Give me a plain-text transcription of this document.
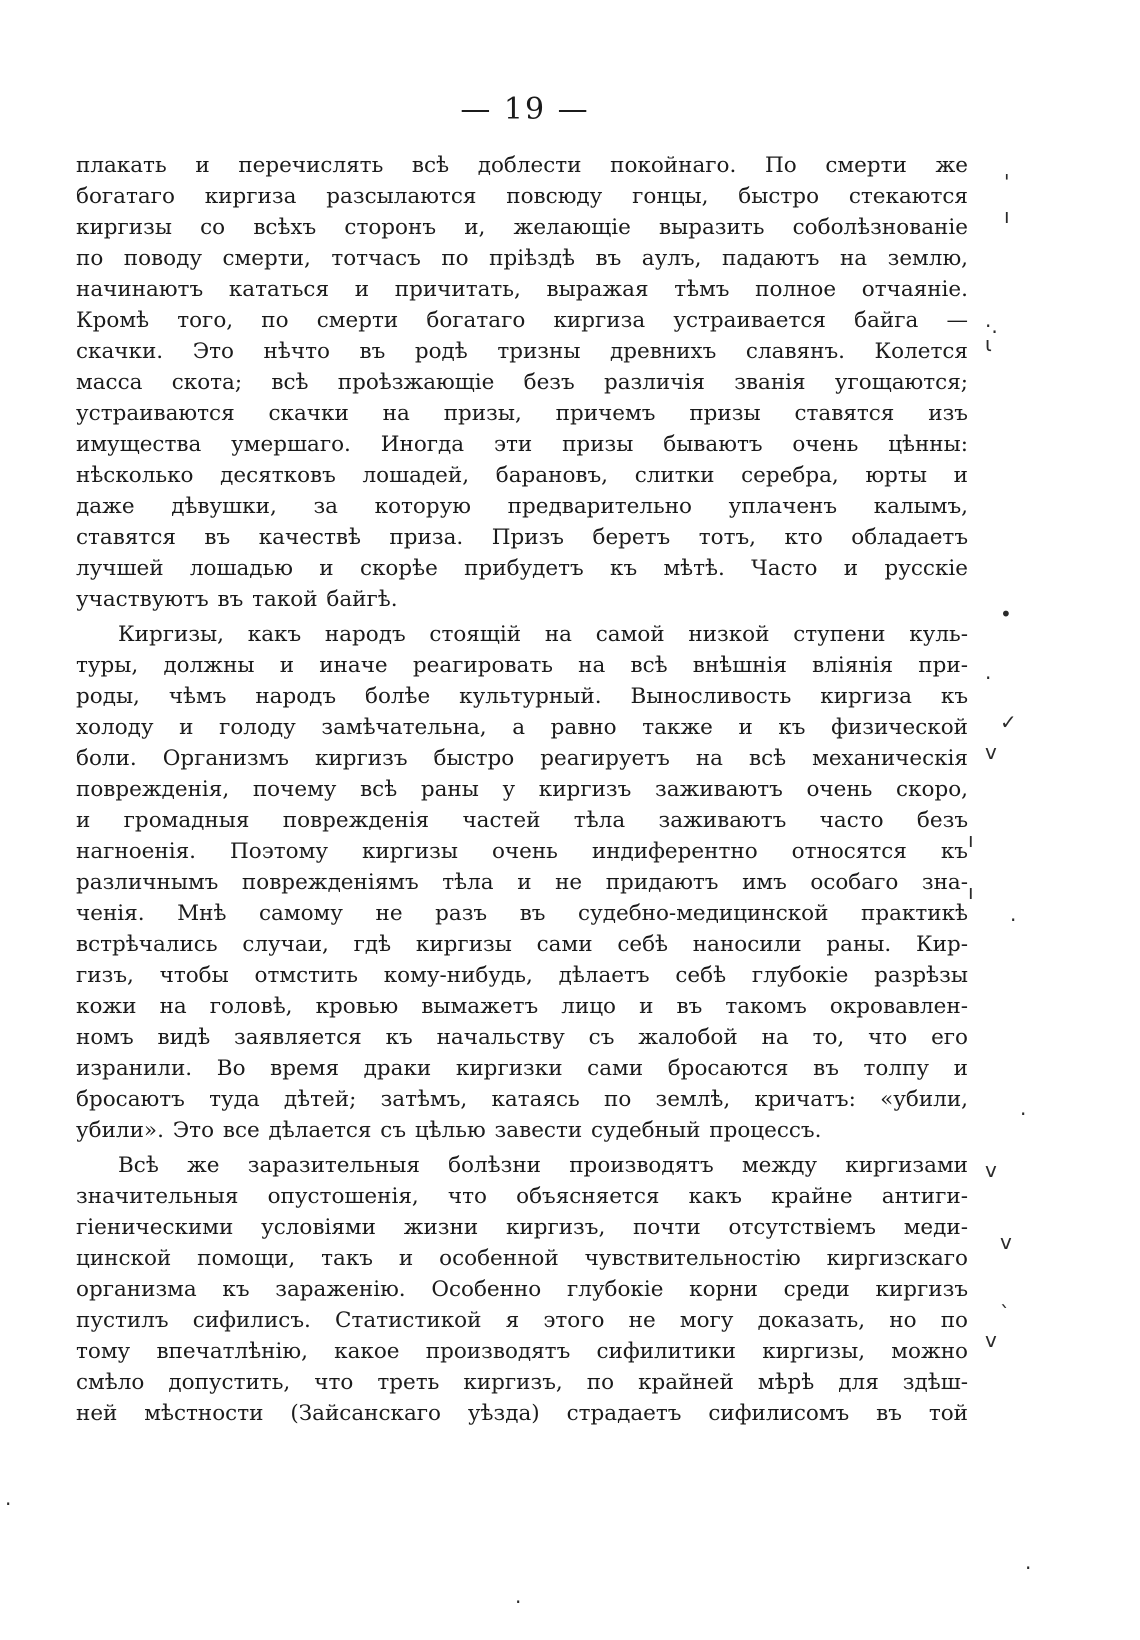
— 19 —
плакать и перечислять всѣ доблести покойнаго. По смерти же
богатаго киргиза разсылаются повсюду гонцы, быстро стекаются
киргизы со всѣхъ сторонъ и, желающіе выразить соболѣзнованіе
по поводу смерти, тотчасъ по пріѣздѣ въ аулъ, падаютъ на землю,
начинаютъ кататься и причитать, выражая тѣмъ полное отчаяніе.
Кромѣ того, по смерти богатаго киргиза устраивается байга —
скачки. Это нѣчто въ родѣ тризны древнихъ славянъ. Колется
масса скота; всѣ проѣзжающіе безъ различія званія угощаются;
устраиваются скачки на призы, причемъ призы ставятся изъ
имущества умершаго. Иногда эти призы бываютъ очень цѣнны:
нѣсколько десятковъ лошадей, барановъ, слитки серебра, юрты и
даже дѣвушки, за которую предварительно уплаченъ калымъ,
ставятся въ качествѣ приза. Призъ беретъ тотъ, кто обладаетъ
лучшей лошадью и скорѣе прибудетъ къ мѣтѣ. Часто и русскіе
участвуютъ въ такой байгѣ.
Киргизы, какъ народъ стоящій на самой низкой ступени куль-
туры, должны и иначе реагировать на всѣ внѣшнія вліянія при-
роды, чѣмъ народъ болѣе культурный. Выносливость киргиза къ
холоду и голоду замѣчательна, а равно также и къ физической
боли. Организмъ киргизъ быстро реагируетъ на всѣ механическія
поврежденія, почему всѣ раны у киргизъ заживаютъ очень скоро,
и громадныя поврежденія частей тѣла заживаютъ часто безъ
нагноенія. Поэтому киргизы очень индиферентно относятся къ
различнымъ поврежденіямъ тѣла и не придаютъ имъ особаго зна-
ченія. Мнѣ самому не разъ въ судебно-медицинской практикѣ
встрѣчались случаи, гдѣ киргизы сами себѣ наносили раны. Кир-
гизъ, чтобы отмстить кому-нибудь, дѣлаетъ себѣ глубокіе разрѣзы
кожи на головѣ, кровью вымажетъ лицо и въ такомъ окровавлен-
номъ видѣ заявляется къ начальству съ жалобой на то, что его
изранили. Во время драки киргизки сами бросаются въ толпу и
бросаютъ туда дѣтей; затѣмъ, катаясь по землѣ, кричатъ: «убили,
убили». Это все дѣлается съ цѣлью завести судебный процессъ.
Всѣ же заразительныя болѣзни производятъ между киргизами
значительныя опустошенія, что объясняется какъ крайне антиги-
гіеническими условіями жизни киргизъ, почти отсутствіемъ меди-
цинской помощи, такъ и особенной чувствительностію киргизскаго
организма къ зараженію. Особенно глубокіе корни среди киргизъ
пустилъ сифилисъ. Статистикой я этого не могу доказать, но по
тому впечатлѣнію, какое производятъ сифилитики киргизы, можно
смѣло допустить, что треть киргизъ, по крайней мѣрѣ для здѣш-
ней мѣстности (Зайсанскаго уѣзда) страдаетъ сифилисомъ въ той
'
ı
·.
ι
•
·
✓
v
ı
ı
·
·
v
v
ˎ
v
.
.
.
